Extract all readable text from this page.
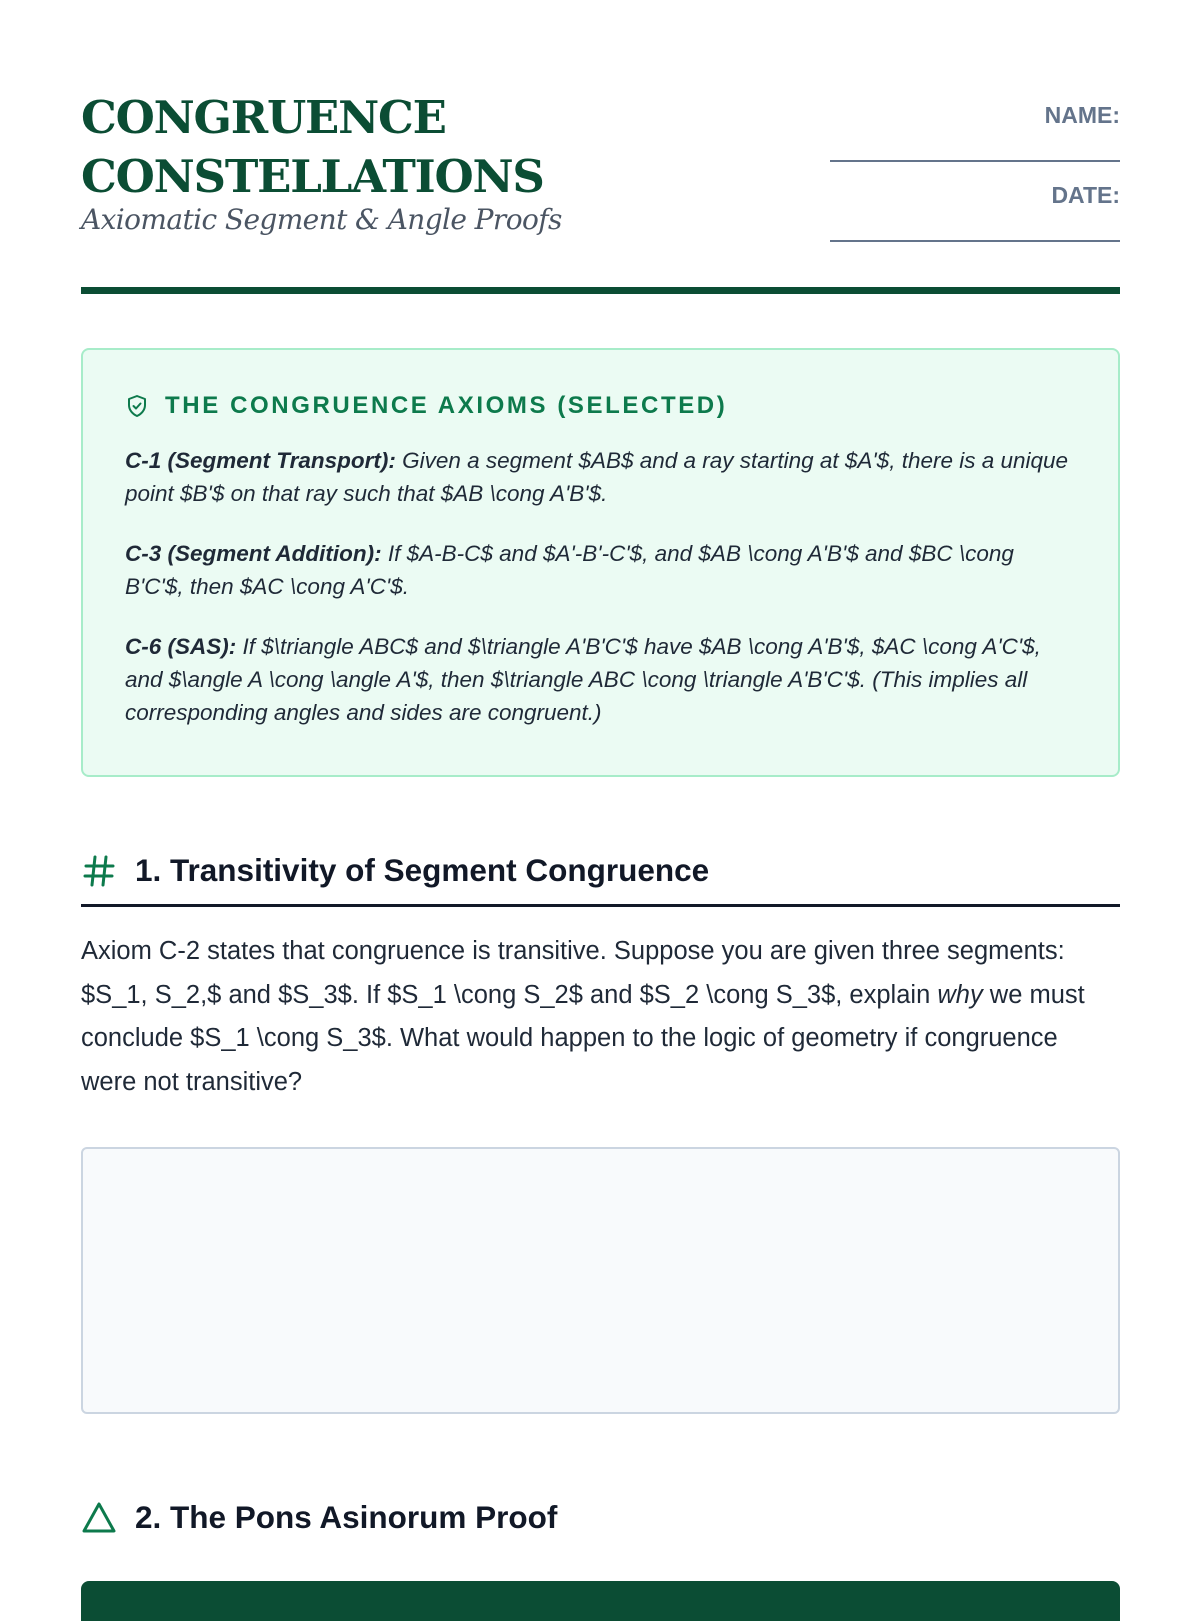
CONGRUENCE
CONSTELLATIONS

Axiomatic Segment & Angle Proofs

NAME:
DATE:
THE CONGRUENCE AXIOMS (SELECTED)

C-1 (Segment Transport): Given a segment $AB$ and a ray starting at $A'$, there is a unique point $B'$ on that ray such that $AB \cong A'B'$.

C-3 (Segment Addition): If $A-B-C$ and $A'-B'-C'$, and $AB \cong A'B'$ and $BC \cong B'C'$, then $AC \cong A'C'$.

C-6 (SAS): If $\triangle ABC$ and $\triangle A'B'C'$ have $AB \cong A'B'$, $AC \cong A'C'$, and $\angle A \cong \angle A'$, then $\triangle ABC \cong \triangle A'B'C'$. (This implies all corresponding angles and sides are congruent.)

1. Transitivity of Segment Congruence

Axiom C-2 states that congruence is transitive. Suppose you are given three segments: $S_1, S_2,$ and $S_3$. If $S_1 \cong S_2$ and $S_2 \cong S_3$, explain why we must conclude $S_1 \cong S_3$. What would happen to the logic of geometry if congruence were not transitive?

2. The Pons Asinorum Proof
